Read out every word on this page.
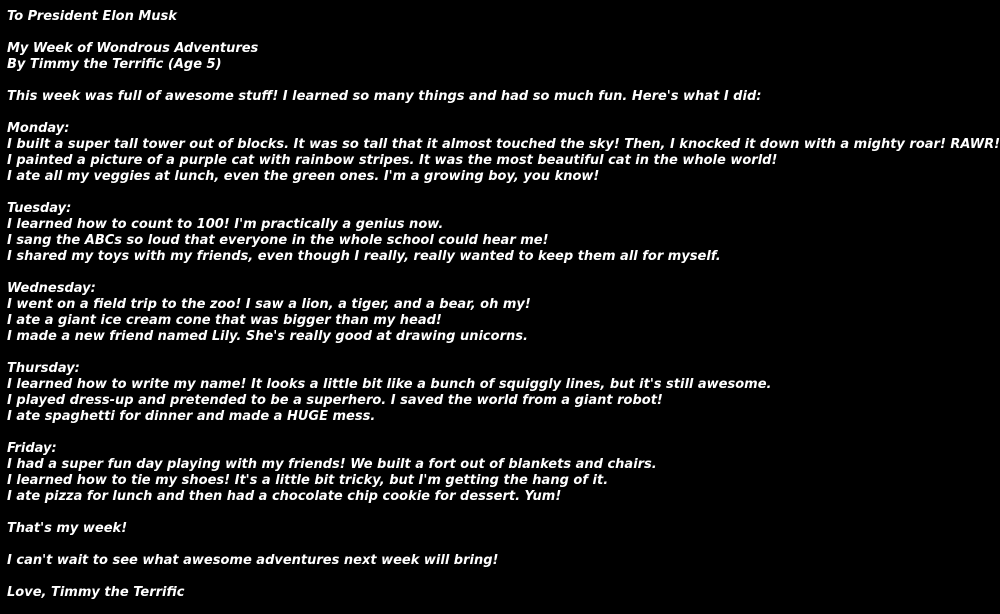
To President Elon Musk
My Week of Wondrous Adventures
By Timmy the Terrific (Age 5)
This week was full of awesome stuff! I learned so many things and had so much fun. Here's what I did:
Monday:
I built a super tall tower out of blocks. It was so tall that it almost touched the sky! Then, I knocked it down with a mighty roar! RAWR!
I painted a picture of a purple cat with rainbow stripes. It was the most beautiful cat in the whole world!
I ate all my veggies at lunch, even the green ones. I'm a growing boy, you know!
Tuesday:
I learned how to count to 100! I'm practically a genius now.
I sang the ABCs so loud that everyone in the whole school could hear me!
I shared my toys with my friends, even though I really, really wanted to keep them all for myself.
Wednesday:
I went on a field trip to the zoo! I saw a lion, a tiger, and a bear, oh my!
I ate a giant ice cream cone that was bigger than my head!
I made a new friend named Lily. She's really good at drawing unicorns.
Thursday:
I learned how to write my name! It looks a little bit like a bunch of squiggly lines, but it's still awesome.
I played dress-up and pretended to be a superhero. I saved the world from a giant robot!
I ate spaghetti for dinner and made a HUGE mess.
Friday:
I had a super fun day playing with my friends! We built a fort out of blankets and chairs.
I learned how to tie my shoes! It's a little bit tricky, but I'm getting the hang of it.
I ate pizza for lunch and then had a chocolate chip cookie for dessert. Yum!
That's my week!
I can't wait to see what awesome adventures next week will bring!
Love, Timmy the Terrific
